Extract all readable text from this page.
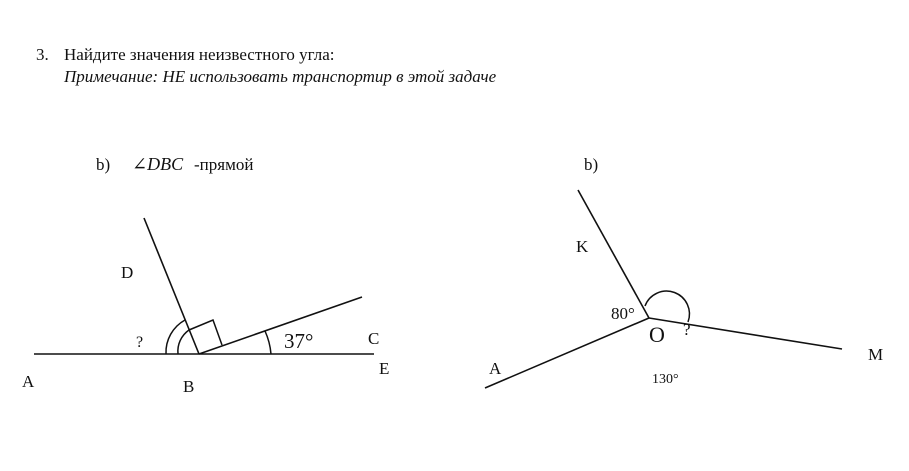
3. Найдите значения неизвестного угла:
Примечание: НЕ использовать транспортир в этой задаче
b) ∠DBC -прямой
D
C
A	B
E
?	37°
b)
K
O
A
M
80°
?
130°
